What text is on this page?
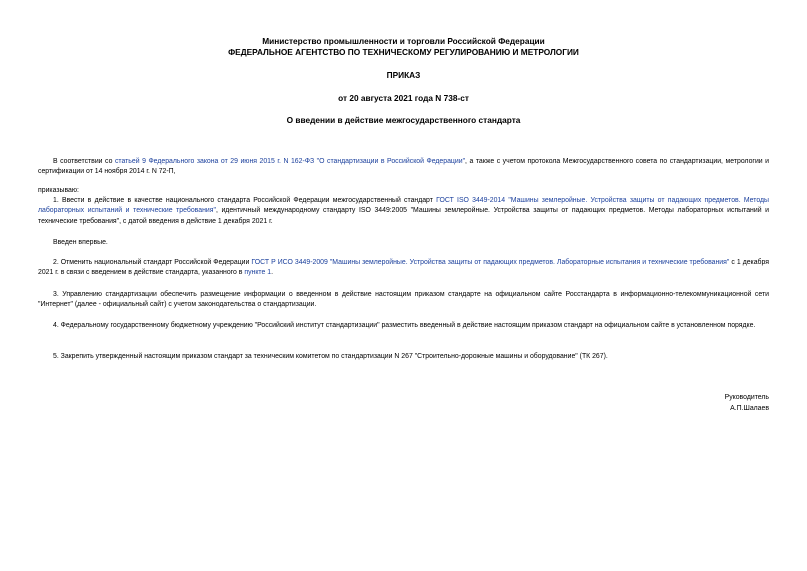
Министерство промышленности и торговли Российской Федерации
ФЕДЕРАЛЬНОЕ АГЕНТСТВО ПО ТЕХНИЧЕСКОМУ РЕГУЛИРОВАНИЮ И МЕТРОЛОГИИ
ПРИКАЗ
от 20 августа 2021 года N 738-ст
О введении в действие межгосударственного стандарта
В соответствии со статьей 9 Федерального закона от 29 июня 2015 г. N 162-ФЗ "О стандартизации в Российской Федерации", а также с учетом протокола Межгосударственного совета по стандартизации, метрологии и сертификации от 14 ноября 2014 г. N 72-П,
приказываю:
1. Ввести в действие в качестве национального стандарта Российской Федерации межгосударственный стандарт ГОСТ ISO 3449-2014 "Машины землеройные. Устройства защиты от падающих предметов. Методы лабораторных испытаний и технические требования", идентичный международному стандарту ISO 3449:2005 "Машины землеройные. Устройства защиты от падающих предметов. Методы лабораторных испытаний и технические требования", с датой введения в действие 1 декабря 2021 г.
Введен впервые.
2. Отменить национальный стандарт Российской Федерации ГОСТ Р ИСО 3449-2009 "Машины землеройные. Устройства защиты от падающих предметов. Лабораторные испытания и технические требования" с 1 декабря 2021 г. в связи с введением в действие стандарта, указанного в пункте 1.
3. Управлению стандартизации обеспечить размещение информации о введенном в действие настоящим приказом стандарте на официальном сайте Росстандарта в информационно-телекоммуникационной сети "Интернет" (далее - официальный сайт) с учетом законодательства о стандартизации.
4. Федеральному государственному бюджетному учреждению "Российский институт стандартизации" разместить введенный в действие настоящим приказом стандарт на официальном сайте в установленном порядке.
5. Закрепить утвержденный настоящим приказом стандарт за техническим комитетом по стандартизации N 267 "Строительно-дорожные машины и оборудование" (ТК 267).
Руководитель
А.П.Шалаев
